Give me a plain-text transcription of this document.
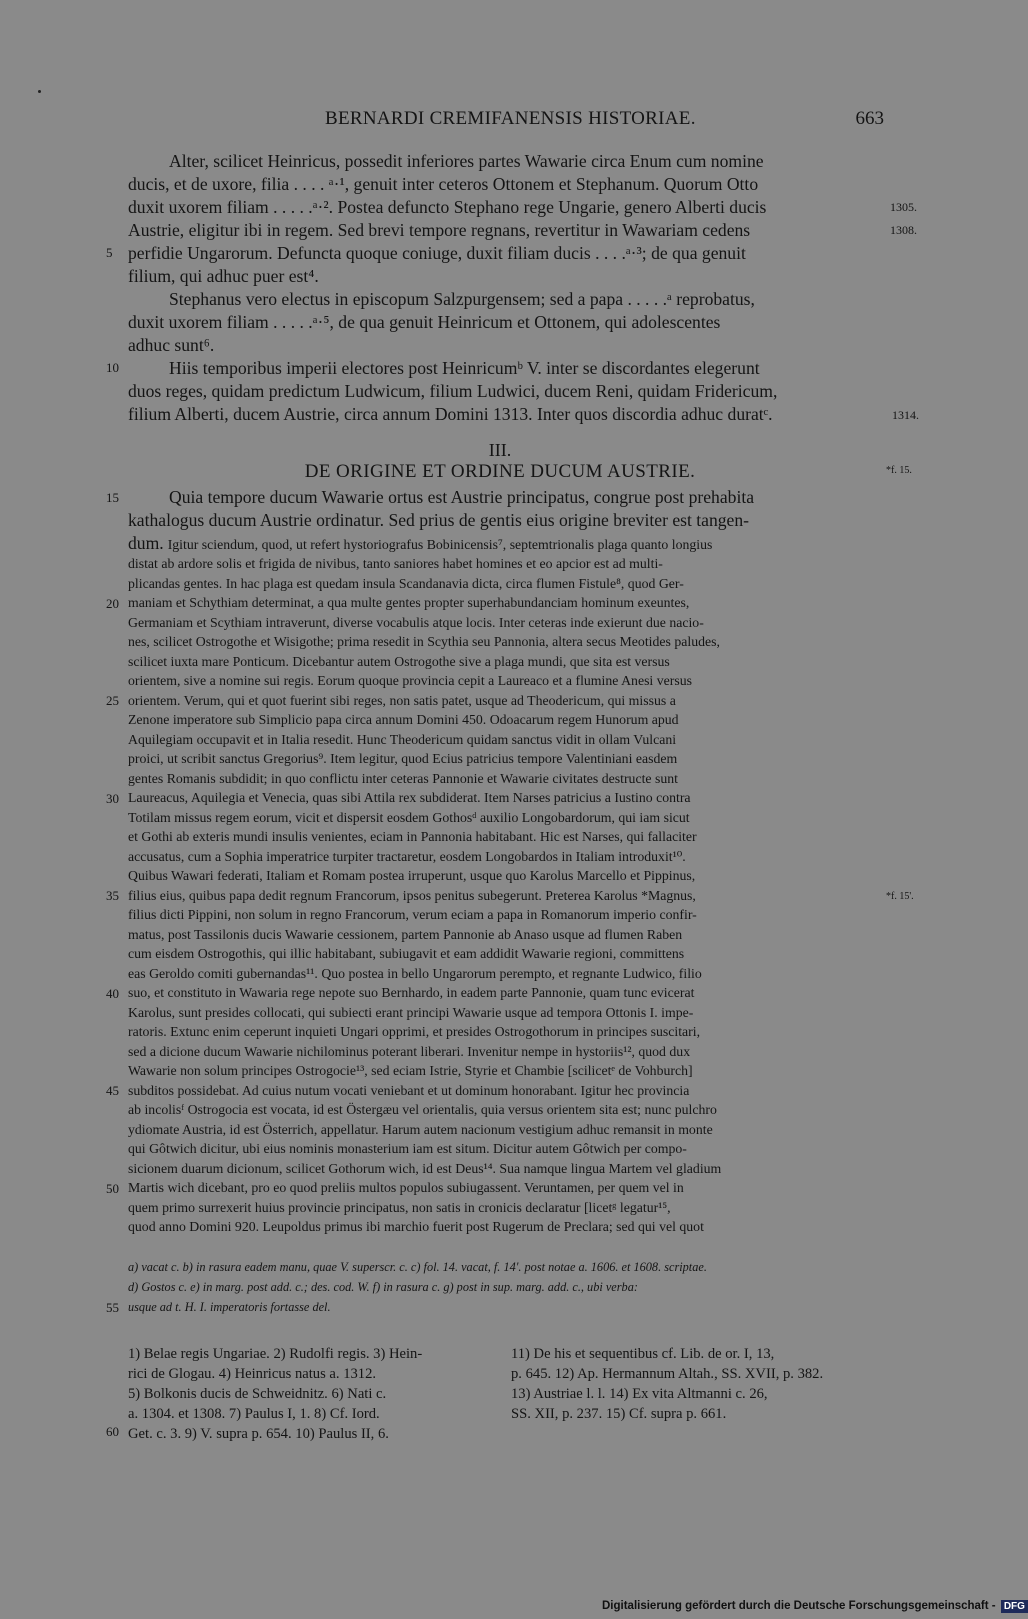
BERNARDI CREMIFANENSIS HISTORIAE.	663
Alter, scilicet Heinricus, possedit inferiores partes Wawarie circa Enum cum nomine
ducis, et de uxore, filia . . . . ᵃ·¹, genuit inter ceteros Ottonem et Stephanum. Quorum Otto
duxit uxorem filiam . . . . .ᵃ·². Postea defuncto Stephano rege Ungarie, genero Alberti ducis
Austrie, eligitur ibi in regem. Sed brevi tempore regnans, revertitur in Wawariam cedens
perfidie Ungarorum. Defuncta quoque coniuge, duxit filiam ducis . . . .ᵃ·³; de qua genuit
filium, qui adhuc puer est⁴.
Stephanus vero electus in episcopum Salzpurgensem; sed a papa . . . . .ᵃ reprobatus,
duxit uxorem filiam . . . . .ᵃ·⁵, de qua genuit Heinricum et Ottonem, qui adolescentes
adhuc sunt⁶.
Hiis temporibus imperii electores post Heinricumᵇ V. inter se discordantes elegerunt
duos reges, quidam predictum Ludwicum, filium Ludwici, ducem Reni, quidam Fridericum,
filium Alberti, ducem Austrie, circa annum Domini 1313. Inter quos discordia adhuc duratᶜ.
III.
DE ORIGINE ET ORDINE DUCUM AUSTRIE.
Quia tempore ducum Wawarie ortus est Austrie principatus, congrue post prehabita
kathalogus ducum Austrie ordinatur. Sed prius de gentis eius origine breviter est tangen-
dum. Igitur sciendum, quod, ut refert hystoriografus Bobinicensis⁷, septemtrionalis plaga quanto longius
distat ab ardore solis et frigida de nivibus, tanto saniores habet homines et eo apcior est ad multi-
plicandas gentes. In hac plaga est quedam insula Scandanavia dicta, circa flumen Fistule⁸, quod Ger-
maniam et Schythiam determinat, a qua multe gentes propter superhabundanciam hominum exeuntes,
Germaniam et Scythiam intraverunt, diverse vocabulis atque locis. Inter ceteras inde exierunt due nacio-
nes, scilicet Ostrogothe et Wisigothe; prima resedit in Scythia seu Pannonia, altera secus Meotides paludes,
scilicet iuxta mare Ponticum. Dicebantur autem Ostrogothe sive a plaga mundi, que sita est versus
orientem, sive a nomine sui regis. Eorum quoque provincia cepit a Laureaco et a flumine Anesi versus
orientem. Verum, qui et quot fuerint sibi reges, non satis patet, usque ad Theodericum, qui missus a
Zenone imperatore sub Simplicio papa circa annum Domini 450. Odoacarum regem Hunorum apud
Aquilegiam occupavit et in Italia resedit. Hunc Theodericum quidam sanctus vidit in ollam Vulcani
proici, ut scribit sanctus Gregorius⁹. Item legitur, quod Ecius patricius tempore Valentiniani easdem
gentes Romanis subdidit; in quo conflictu inter ceteras Pannonie et Wawarie civitates destructe sunt
Laureacus, Aquilegia et Venecia, quas sibi Attila rex subdiderat. Item Narses patricius a Iustino contra
Totilam missus regem eorum, vicit et dispersit eosdem Gothosᵈ auxilio Longobardorum, qui iam sicut
et Gothi ab exteris mundi insulis venientes, eciam in Pannonia habitabant. Hic est Narses, qui fallaciter
accusatus, cum a Sophia imperatrice turpiter tractaretur, eosdem Longobardos in Italiam introduxit¹⁰.
Quibus Wawari federati, Italiam et Romam postea irruperunt, usque quo Karolus Marcello et Pippinus,
filius eius, quibus papa dedit regnum Francorum, ipsos penitus subegerunt. Preterea Karolus *Magnus,
filius dicti Pippini, non solum in regno Francorum, verum eciam a papa in Romanorum imperio confir-
matus, post Tassilonis ducis Wawarie cessionem, partem Pannonie ab Anaso usque ad flumen Raben
cum eisdem Ostrogothis, qui illic habitabant, subiugavit et eam addidit Wawarie regioni, committens
eas Geroldo comiti gubernandas¹¹. Quo postea in bello Ungarorum perempto, et regnante Ludwico, filio
suo, et constituto in Wawaria rege nepote suo Bernhardo, in eadem parte Pannonie, quam tunc evicerat
Karolus, sunt presides collocati, qui subiecti erant principi Wawarie usque ad tempora Ottonis I. impe-
ratoris. Extunc enim ceperunt inquieti Ungari opprimi, et presides Ostrogothorum in principes suscitari,
sed a dicione ducum Wawarie nichilominus poterant liberari. Invenitur nempe in hystoriis¹², quod dux
Wawarie non solum principes Ostrogocie¹³, sed eciam Istrie, Styrie et Chambie [scilicetᵉ de Vohburch]
subditos possidebat. Ad cuius nutum vocati veniebant et ut dominum honorabant. Igitur hec provincia
ab incolisᶠ Ostrogocia est vocata, id est Östergæu vel orientalis, quia versus orientem sita est; nunc pulchro
ydiomate Austria, id est Österrich, appellatur. Harum autem nacionum vestigium adhuc remansit in monte
qui Gôtwich dicitur, ubi eius nominis monasterium iam est situm. Dicitur autem Gôtwich per compo-
sicionem duarum dicionum, scilicet Gothorum wich, id est Deus¹⁴. Sua namque lingua Martem vel gladium
Martis wich dicebant, pro eo quod preliis multos populos subiugassent. Veruntamen, per quem vel in
quem primo surrexerit huius provincie principatus, non satis in cronicis declaratur [licetᵍ legatur¹⁵,
quod anno Domini 920. Leupoldus primus ibi marchio fuerit post Rugerum de Preclara; sed qui vel quot
5
10
15
20
25
30
35
40
45
50
55
60
1305.
1308.
1314.
*f. 15.
*f. 15'.
a) vacat c. b) in rasura eadem manu, quae V. superscr. c. c) fol. 14. vacat, f. 14'. post notae a. 1606. et 1608. scriptae.
d) Gostos c. e) in marg. post add. c.; des. cod. W. f) in rasura c. g) post in sup. marg. add. c., ubi verba:
usque ad t. H. I. imperatoris fortasse del.
1) Belae regis Ungariae. 2) Rudolfi regis. 3) Hein-
rici de Glogau. 4) Heinricus natus a. 1312.
5) Bolkonis ducis de Schweidnitz. 6) Nati c.
a. 1304. et 1308. 7) Paulus I, 1. 8) Cf. Iord.
Get. c. 3. 9) V. supra p. 654. 10) Paulus II, 6.
11) De his et sequentibus cf. Lib. de or. I, 13,
p. 645. 12) Ap. Hermannum Altah., SS. XVII, p. 382.
13) Austriae l. l. 14) Ex vita Altmanni c. 26,
SS. XII, p. 237. 15) Cf. supra p. 661.
Digitalisierung gefördert durch die Deutsche Forschungsgemeinschaft - DFG
